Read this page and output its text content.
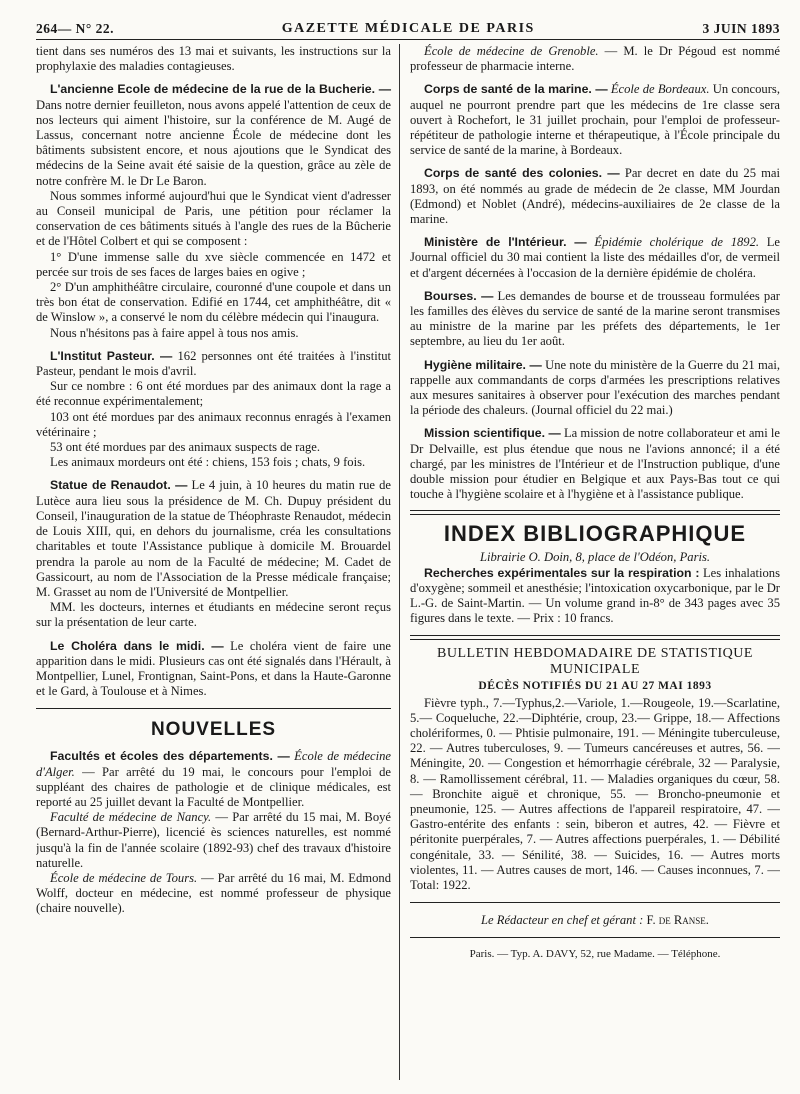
264— N° 22.	GAZETTE MÉDICALE DE PARIS	3 JUIN 1893

tient dans ses numéros des 13 mai et suivants, les instructions sur la prophylaxie des maladies contagieuses.

L'ancienne Ecole de médecine de la rue de la Bucherie. — Dans notre dernier feuilleton, nous avons appelé l'attention de ceux de nos lecteurs qui aiment l'histoire, sur la conférence de M. Augé de Lassus, concernant notre ancienne École de médecine dont les bâtiments subsistent encore, et nous ajoutions que le Syndicat des médecins de la Seine avait été saisie de la question, grâce au zèle de notre confrère M. le Dr Le Baron.

Nous sommes informé aujourd'hui que le Syndicat vient d'adresser au Conseil municipal de Paris, une pétition pour réclamer la conservation de ces bâtiments situés à l'angle des rues de la Bûcherie et de l'Hôtel Colbert et qui se composent :

1° D'une immense salle du xve siècle commencée en 1472 et percée sur trois de ses faces de larges baies en ogive ;

2° D'un amphithéâtre circulaire, couronné d'une coupole et dans un très bon état de conservation. Edifié en 1744, cet amphithéâtre, dit « de Winslow », a conservé le nom du célèbre médecin qui l'inaugura.

Nous n'hésitons pas à faire appel à tous nos amis.

L'Institut Pasteur. — 162 personnes ont été traitées à l'institut Pasteur, pendant le mois d'avril.

Sur ce nombre : 6 ont été mordues par des animaux dont la rage a été reconnue expérimentalement;

103 ont été mordues par des animaux reconnus enragés à l'examen vétérinaire ;

53 ont été mordues par des animaux suspects de rage.

Les animaux mordeurs ont été : chiens, 153 fois ; chats, 9 fois.

Statue de Renaudot. — Le 4 juin, à 10 heures du matin rue de Lutèce aura lieu sous la présidence de M. Ch. Dupuy président du Conseil, l'inauguration de la statue de Théophraste Renaudot, médecin de Louis XIII, qui, en dehors du journalisme, créa les consultations charitables et toute l'Assistance publique à domicile M. Brouardel prendra la parole au nom de la Faculté de médecine; M. Cadet de Gassicourt, au nom de l'Association de la Presse médicale française; M. Grasset au nom de l'Université de Montpellier.

MM. les docteurs, internes et étudiants en médecine seront reçus sur la présentation de leur carte.

Le Choléra dans le midi. — Le choléra vient de faire une apparition dans le midi. Plusieurs cas ont été signalés dans l'Hérault, à Montpellier, Lunel, Frontignan, Saint-Pons, et dans la Haute-Garonne et le Gard, à Toulouse et à Nimes.

NOUVELLES

Facultés et écoles des départements. — École de médecine d'Alger. — Par arrêté du 19 mai, le concours pour l'emploi de suppléant des chaires de pathologie et de clinique médicales, est reporté au 25 juillet devant la Faculté de Montpellier.

Faculté de médecine de Nancy. — Par arrêté du 15 mai, M. Boyé (Bernard-Arthur-Pierre), licencié ès sciences naturelles, est nommé jusqu'à la fin de l'année scolaire (1892-93) chef des travaux d'histoire naturelle.

École de médecine de Tours. — Par arrêté du 16 mai, M. Edmond Wolff, docteur en médecine, est nommé professeur de physique (chaire nouvelle).

École de médecine de Grenoble. — M. le Dr Pégoud est nommé professeur de pharmacie interne.

Corps de santé de la marine. — École de Bordeaux. Un concours, auquel ne pourront prendre part que les médecins de 1re classe sera ouvert à Rochefort, le 31 juillet prochain, pour l'emploi de professeur-répétiteur de pathologie interne et thérapeutique, à l'École principale du service de santé de la marine, à Bordeaux.

Corps de santé des colonies. — Par decret en date du 25 mai 1893, on été nommés au grade de médecin de 2e classe, MM Jourdan (Edmond) et Noblet (André), médecins-auxiliaires de 2e classe de la marine.

Ministère de l'Intérieur. — Épidémie cholérique de 1892. Le Journal officiel du 30 mai contient la liste des médailles d'or, de vermeil et d'argent décernées à l'occasion de la dernière épidémie de choléra.

Bourses. — Les demandes de bourse et de trousseau formulées par les familles des élèves du service de santé de la marine seront transmises au ministre de la marine par les préfets des départements, le 1er septembre, au lieu du 1er août.

Hygiène militaire. — Une note du ministère de la Guerre du 21 mai, rappelle aux commandants de corps d'armées les prescriptions relatives aux mesures sanitaires à observer pour l'exécution des marches pendant la période des chaleurs. (Journal officiel du 22 mai.)

Mission scientifique. — La mission de notre collaborateur et ami le Dr Delvaille, est plus étendue que nous ne l'avions annoncé; il a été chargé, par les ministres de l'Intérieur et de l'Instruction publique, d'une double mission pour étudier en Belgique et aux Pays-Bas tout ce qui touche à l'hygiène scolaire et à l'hygiène et à l'assistance publique.

INDEX BIBLIOGRAPHIQUE

Librairie O. Doin, 8, place de l'Odéon, Paris.

Recherches expérimentales sur la respiration : Les inhalations d'oxygène; sommeil et anesthésie; l'intoxication oxycarbonique, par le Dr L.-G. de Saint-Martin. — Un volume grand in-8° de 343 pages avec 35 figures dans le texte. — Prix : 10 francs.

BULLETIN HEBDOMADAIRE DE STATISTIQUE MUNICIPALE
DÉCÈS NOTIFIÉS DU 21 AU 27 MAI 1893

Fièvre typh., 7.—Typhus,2.—Variole, 1.—Rougeole, 19.—Scarlatine, 5.— Coqueluche, 22.—Diphtérie, croup, 23.— Grippe, 18.— Affections cholériformes, 0. — Phtisie pulmonaire, 191. — Méningite tuberculeuse, 22. — Autres tuberculoses, 9. — Tumeurs cancéreuses et autres, 56. — Méningite, 20. — Congestion et hémorrhagie cérébrale, 32 — Paralysie, 8. — Ramollissement cérébral, 11. — Maladies organiques du cœur, 58. — Bronchite aiguë et chronique, 55. — Broncho-pneumonie et pneumonie, 125. — Autres affections de l'appareil respiratoire, 47. — Gastro-entérite des enfants : sein, biberon et autres, 42. — Fièvre et péritonite puerpérales, 7. — Autres affections puerpérales, 1. — Débilité congénitale, 33. — Sénilité, 38. — Suicides, 16. — Autres morts violentes, 11. — Autres causes de mort, 146. — Causes inconnues, 7. — Total: 1922.

Le Rédacteur en chef et gérant : F. de Ranse.
Paris. — Typ. A. DAVY, 52, rue Madame. — Téléphone.
